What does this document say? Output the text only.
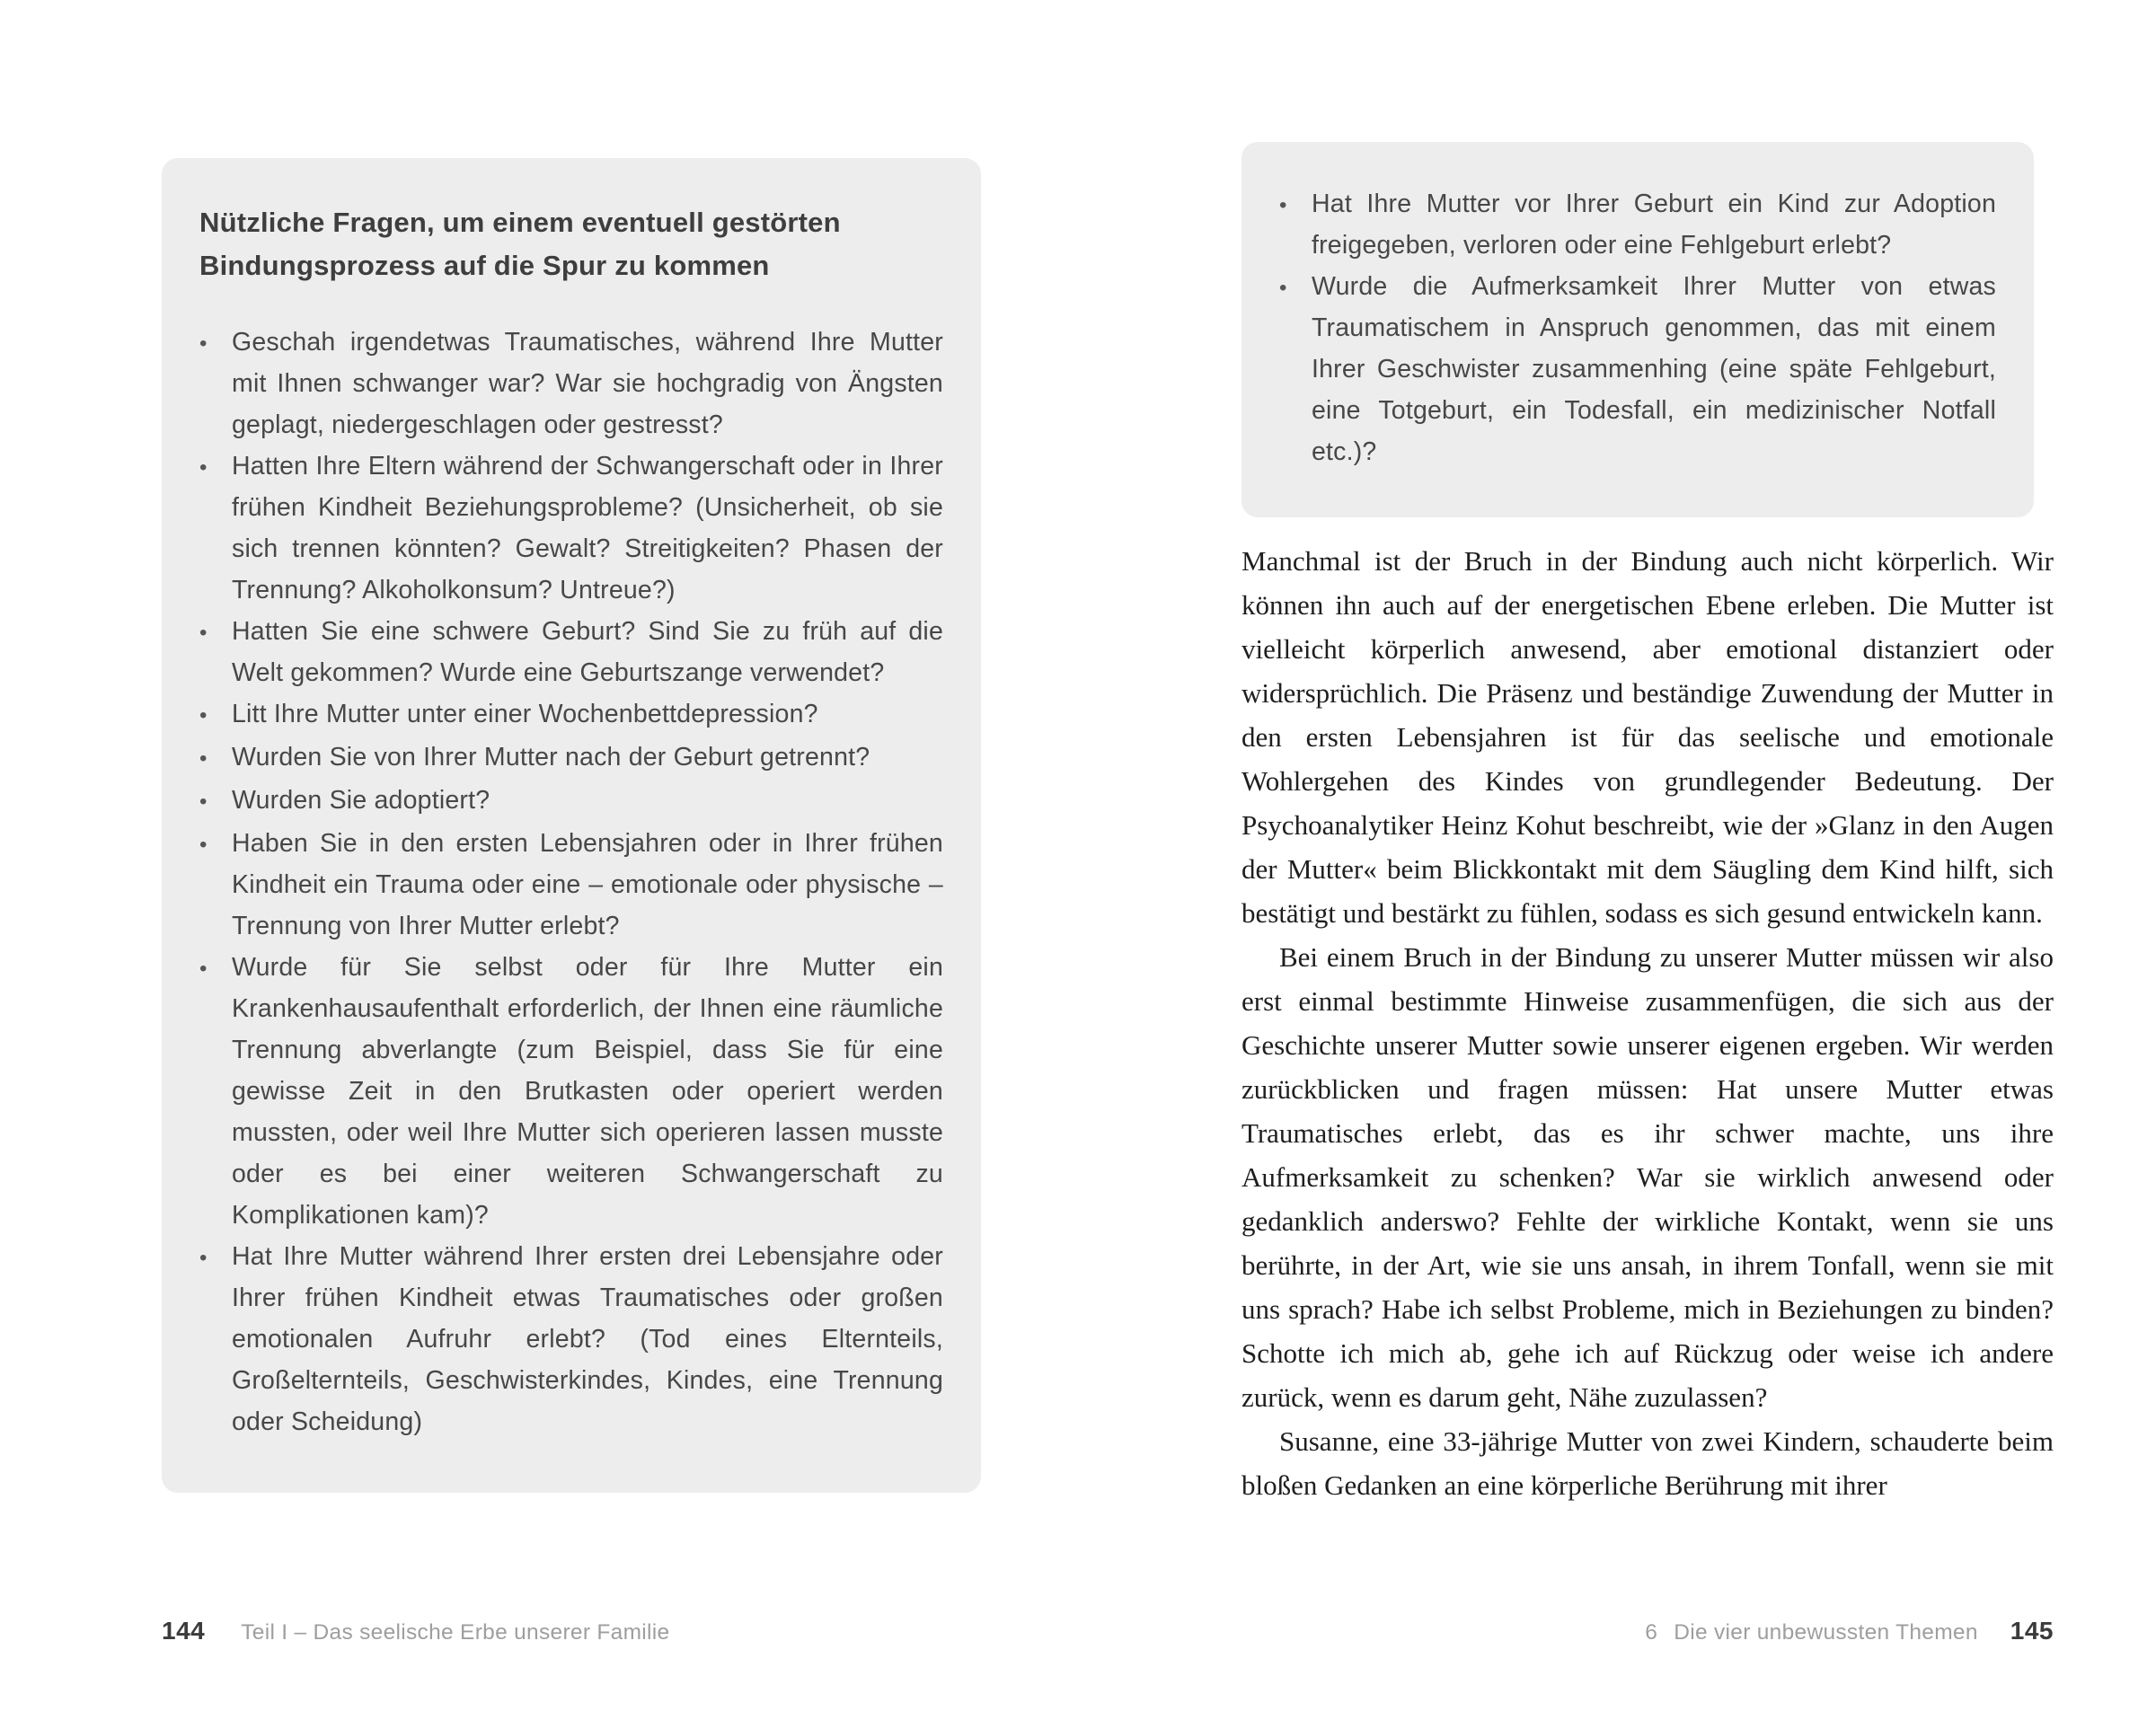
Nützliche Fragen, um einem eventuell gestörten Bindungsprozess auf die Spur zu kommen
• Geschah irgendetwas Traumatisches, während Ihre Mutter mit Ihnen schwanger war? War sie hochgradig von Ängsten geplagt, niedergeschlagen oder gestresst?
• Hatten Ihre Eltern während der Schwangerschaft oder in Ihrer frühen Kindheit Beziehungsprobleme? (Unsicherheit, ob sie sich trennen könnten? Gewalt? Streitigkeiten? Phasen der Trennung? Alkoholkonsum? Untreue?)
• Hatten Sie eine schwere Geburt? Sind Sie zu früh auf die Welt gekommen? Wurde eine Geburtszange verwendet?
• Litt Ihre Mutter unter einer Wochenbettdepression?
• Wurden Sie von Ihrer Mutter nach der Geburt getrennt?
• Wurden Sie adoptiert?
• Haben Sie in den ersten Lebensjahren oder in Ihrer frühen Kindheit ein Trauma oder eine – emotionale oder physische – Trennung von Ihrer Mutter erlebt?
• Wurde für Sie selbst oder für Ihre Mutter ein Krankenhausaufenthalt erforderlich, der Ihnen eine räumliche Trennung abverlangte (zum Beispiel, dass Sie für eine gewisse Zeit in den Brutkasten oder operiert werden mussten, oder weil Ihre Mutter sich operieren lassen musste oder es bei einer weiteren Schwangerschaft zu Komplikationen kam)?
• Hat Ihre Mutter während Ihrer ersten drei Lebensjahre oder Ihrer frühen Kindheit etwas Traumatisches oder großen emotionalen Aufruhr erlebt? (Tod eines Elternteils, Großelternteils, Geschwisterkindes, Kindes, eine Trennung oder Scheidung)
144 Teil I – Das seelische Erbe unserer Familie
• Hat Ihre Mutter vor Ihrer Geburt ein Kind zur Adoption freigegeben, verloren oder eine Fehlgeburt erlebt?
• Wurde die Aufmerksamkeit Ihrer Mutter von etwas Traumatischem in Anspruch genommen, das mit einem Ihrer Geschwister zusammenhing (eine späte Fehlgeburt, eine Totgeburt, ein Todesfall, ein medizinischer Notfall etc.)?

Manchmal ist der Bruch in der Bindung auch nicht körperlich. Wir können ihn auch auf der energetischen Ebene erleben. Die Mutter ist vielleicht körperlich anwesend, aber emotional distanziert oder widersprüchlich. Die Präsenz und beständige Zuwendung der Mutter in den ersten Lebensjahren ist für das seelische und emotionale Wohlergehen des Kindes von grundlegender Bedeutung. Der Psychoanalytiker Heinz Kohut beschreibt, wie der »Glanz in den Augen der Mutter« beim Blickkontakt mit dem Säugling dem Kind hilft, sich bestätigt und bestärkt zu fühlen, sodass es sich gesund entwickeln kann.

Bei einem Bruch in der Bindung zu unserer Mutter müssen wir also erst einmal bestimmte Hinweise zusammenfügen, die sich aus der Geschichte unserer Mutter sowie unserer eigenen ergeben. Wir werden zurückblicken und fragen müssen: Hat unsere Mutter etwas Traumatisches erlebt, das es ihr schwer machte, uns ihre Aufmerksamkeit zu schenken? War sie wirklich anwesend oder gedanklich anderswo? Fehlte der wirkliche Kontakt, wenn sie uns berührte, in der Art, wie sie uns ansah, in ihrem Tonfall, wenn sie mit uns sprach? Habe ich selbst Probleme, mich in Beziehungen zu binden? Schotte ich mich ab, gehe ich auf Rückzug oder weise ich andere zurück, wenn es darum geht, Nähe zuzulassen?

Susanne, eine 33-jährige Mutter von zwei Kindern, schauderte beim bloßen Gedanken an eine körperliche Berührung mit ihrer

6 Die vier unbewussten Themen 145
